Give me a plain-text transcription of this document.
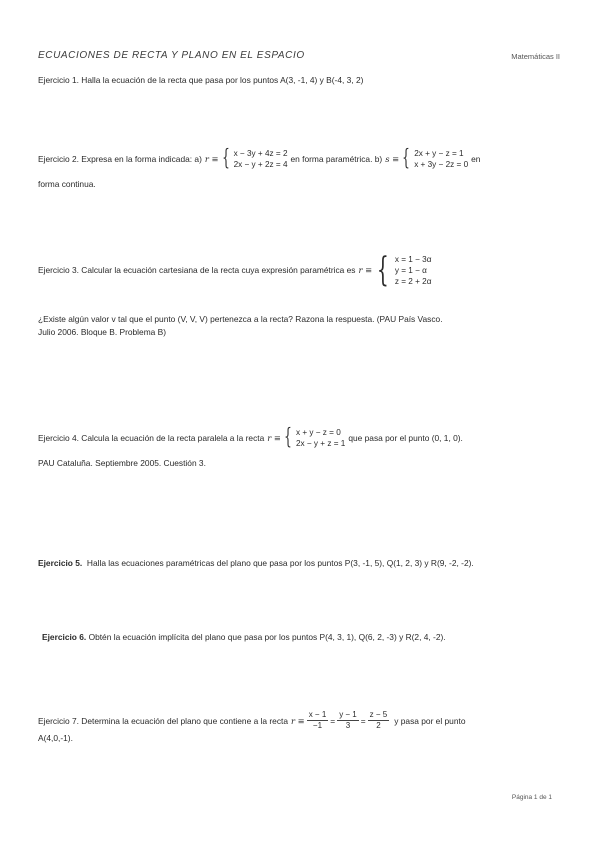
ECUACIONES DE RECTA Y PLANO EN EL ESPACIO	Matemáticas II
Ejercicio 1.
Halla la ecuación de la recta que pasa por los puntos A(3, -1, 4) y B(-4, 3, 2)
Ejercicio 2.
Expresa en la forma indicada: a) r ≡ { x − 3y + 4z = 2
2x − y + 2z = 4
en forma paramétrica. b) s ≡ { 2x + y − z = 1
x + 3y − 2z = 0
en
forma continua.
Ejercicio 3.
Calcular la ecuación cartesiana de la recta cuya expresión paramétrica es r ≡ { x = 1 − 3α
y = 1 − α
z = 2 + 2α
¿Existe algún valor v tal que el punto (V, V, V) pertenezca a la recta? Razona la respuesta. (PAU País Vasco.
Julio 2006. Bloque B. Problema B)
Ejercicio 4.
Calcula la ecuación de la recta paralela a la recta r ≡ { x + y − z = 0
2x − y + z = 1
que pasa por el punto (0, 1, 0).
PAU Cataluña. Septiembre 2005. Cuestión 3.
Ejercicio 5.
Halla las ecuaciones paramétricas del plano que pasa por los puntos P(3, -1, 5), Q(1, 2, 3) y R(9, -2, -2).
Ejercicio 6.
Obtén la ecuación implícita del plano que pasa por los puntos P(4, 3, 1), Q(6, 2, -3) y R(2, 4, -2).
Ejercicio 7.
Determina la ecuación del plano que contiene a la recta $r \equiv \frac{x - 1}{-1} = \frac{y - 1}{3} = \frac{z - 5}{2}$ y pasa por el punto
A(4,0,-1).
Página 1 de 1
